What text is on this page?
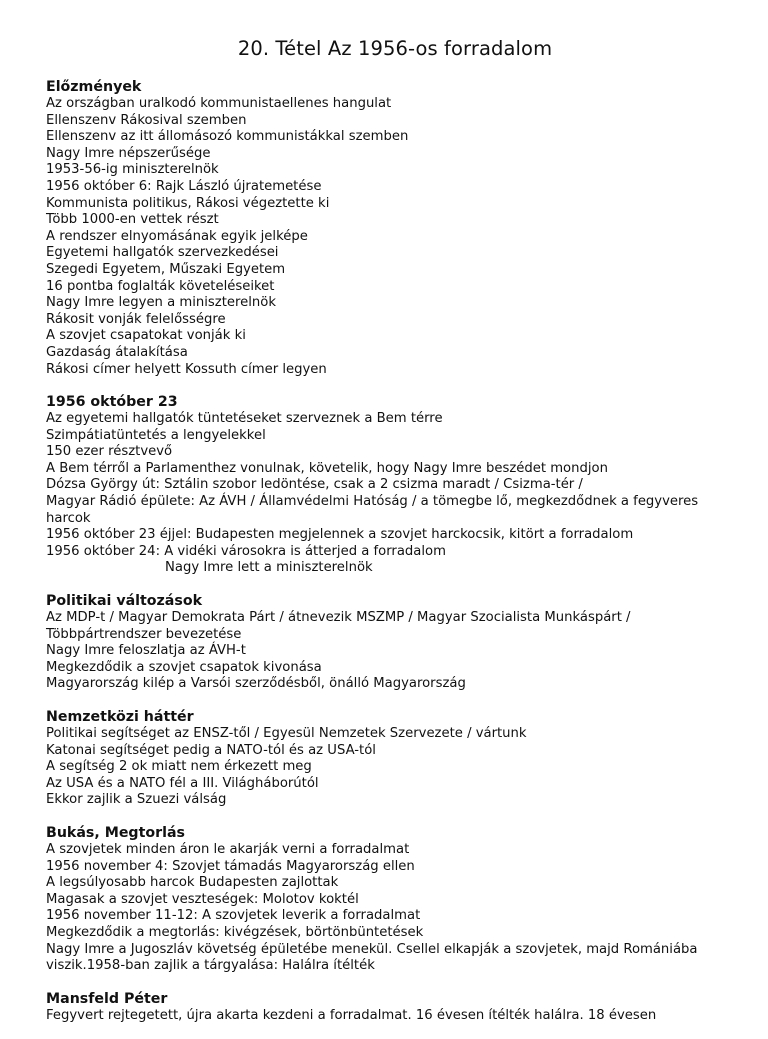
20. Tétel Az 1956-os forradalom
Előzmények

Az országban uralkodó kommunistaellenes hangulat

Ellenszenv Rákosival szemben

Ellenszenv az itt állomásozó kommunistákkal szemben

Nagy Imre népszerűsége

1953-56-ig miniszterelnök

1956 október 6: Rajk László újratemetése

Kommunista politikus, Rákosi végeztette ki

Több 1000-en vettek részt

A rendszer elnyomásának egyik jelképe

Egyetemi hallgatók szervezkedései

Szegedi Egyetem, Műszaki Egyetem

16 pontba foglalták követeléseiket

Nagy Imre legyen a miniszterelnök

Rákosit vonják felelősségre

A szovjet csapatokat vonják ki

Gazdaság átalakítása

Rákosi címer helyett Kossuth címer legyen

1956 október 23

Az egyetemi hallgatók tüntetéseket szerveznek a Bem térre

Szimpátiatüntetés a lengyelekkel

150 ezer résztvevő

A Bem térről a Parlamenthez vonulnak, követelik, hogy Nagy Imre beszédet mondjon

Dózsa György út: Sztálin szobor ledöntése, csak a 2 csizma maradt / Csizma-tér /

Magyar Rádió épülete: Az ÁVH / Államvédelmi Hatóság / a tömegbe lő, megkezdődnek a fegyveres harcok

1956 október 23 éjjel: Budapesten megjelennek a szovjet harckocsik, kitört a forradalom

1956 október 24: A vidéki városokra is átterjed a forradalom

Nagy Imre lett a miniszterelnök

Politikai változások

Az MDP-t / Magyar Demokrata Párt / átnevezik MSZMP / Magyar Szocialista Munkáspárt / Többpártrendszer bevezetése

Nagy Imre feloszlatja az ÁVH-t

Megkezdődik a szovjet csapatok kivonása

Magyarország kilép a Varsói szerződésből, önálló Magyarország

Nemzetközi háttér

Politikai segítséget az ENSZ-től / Egyesül Nemzetek Szervezete / vártunk

Katonai segítséget pedig a NATO-tól és az USA-tól

A segítség 2 ok miatt nem érkezett meg

Az USA és a NATO fél a III. Világháborútól

Ekkor zajlik a Szuezi válság

Bukás, Megtorlás

A szovjetek minden áron le akarják verni a forradalmat

1956 november 4: Szovjet támadás Magyarország ellen

A legsúlyosabb harcok Budapesten zajlottak

Magasak a szovjet veszteségek: Molotov koktél

1956 november 11-12: A szovjetek leverik a forradalmat

Megkezdődik a megtorlás: kivégzések, börtönbüntetések

Nagy Imre a Jugoszláv követség épületébe menekül. Csellel elkapják a szovjetek, majd Romániába viszik.1958-ban zajlik a tárgyalása: Halálra ítélték

Mansfeld Péter

Fegyvert rejtegetett, újra akarta kezdeni a forradalmat. 16 évesen ítélték halálra. 18 évesen
